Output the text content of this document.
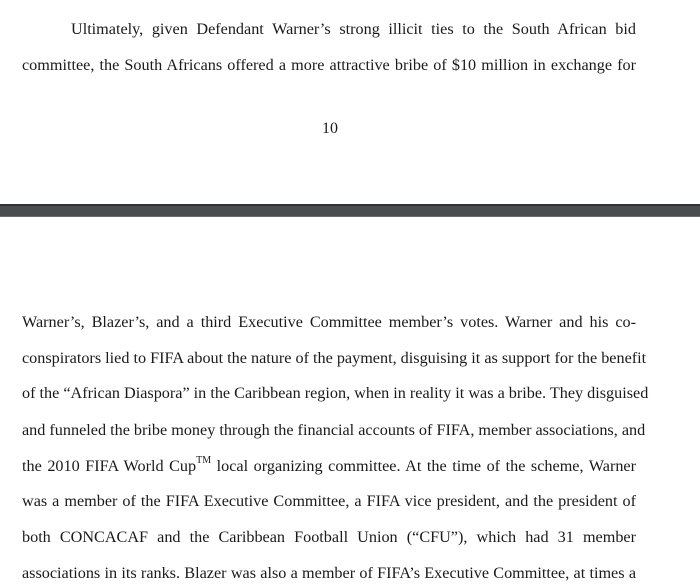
Ultimately, given Defendant Warner’s strong illicit ties to the South African bid
committee, the South Africans offered a more attractive bribe of $10 million in exchange for
10
Warner’s, Blazer’s, and a third Executive Committee member’s votes. Warner and his co-
conspirators lied to FIFA about the nature of the payment, disguising it as support for the benefit
of the “African Diaspora” in the Caribbean region, when in reality it was a bribe. They disguised
and funneled the bribe money through the financial accounts of FIFA, member associations, and
the 2010 FIFA World Cup™ local organizing committee. At the time of the scheme, Warner
was a member of the FIFA Executive Committee, a FIFA vice president, and the president of
both CONCACAF and the Caribbean Football Union (“CFU”), which had 31 member
associations in its ranks. Blazer was also a member of FIFA’s Executive Committee, at times a
